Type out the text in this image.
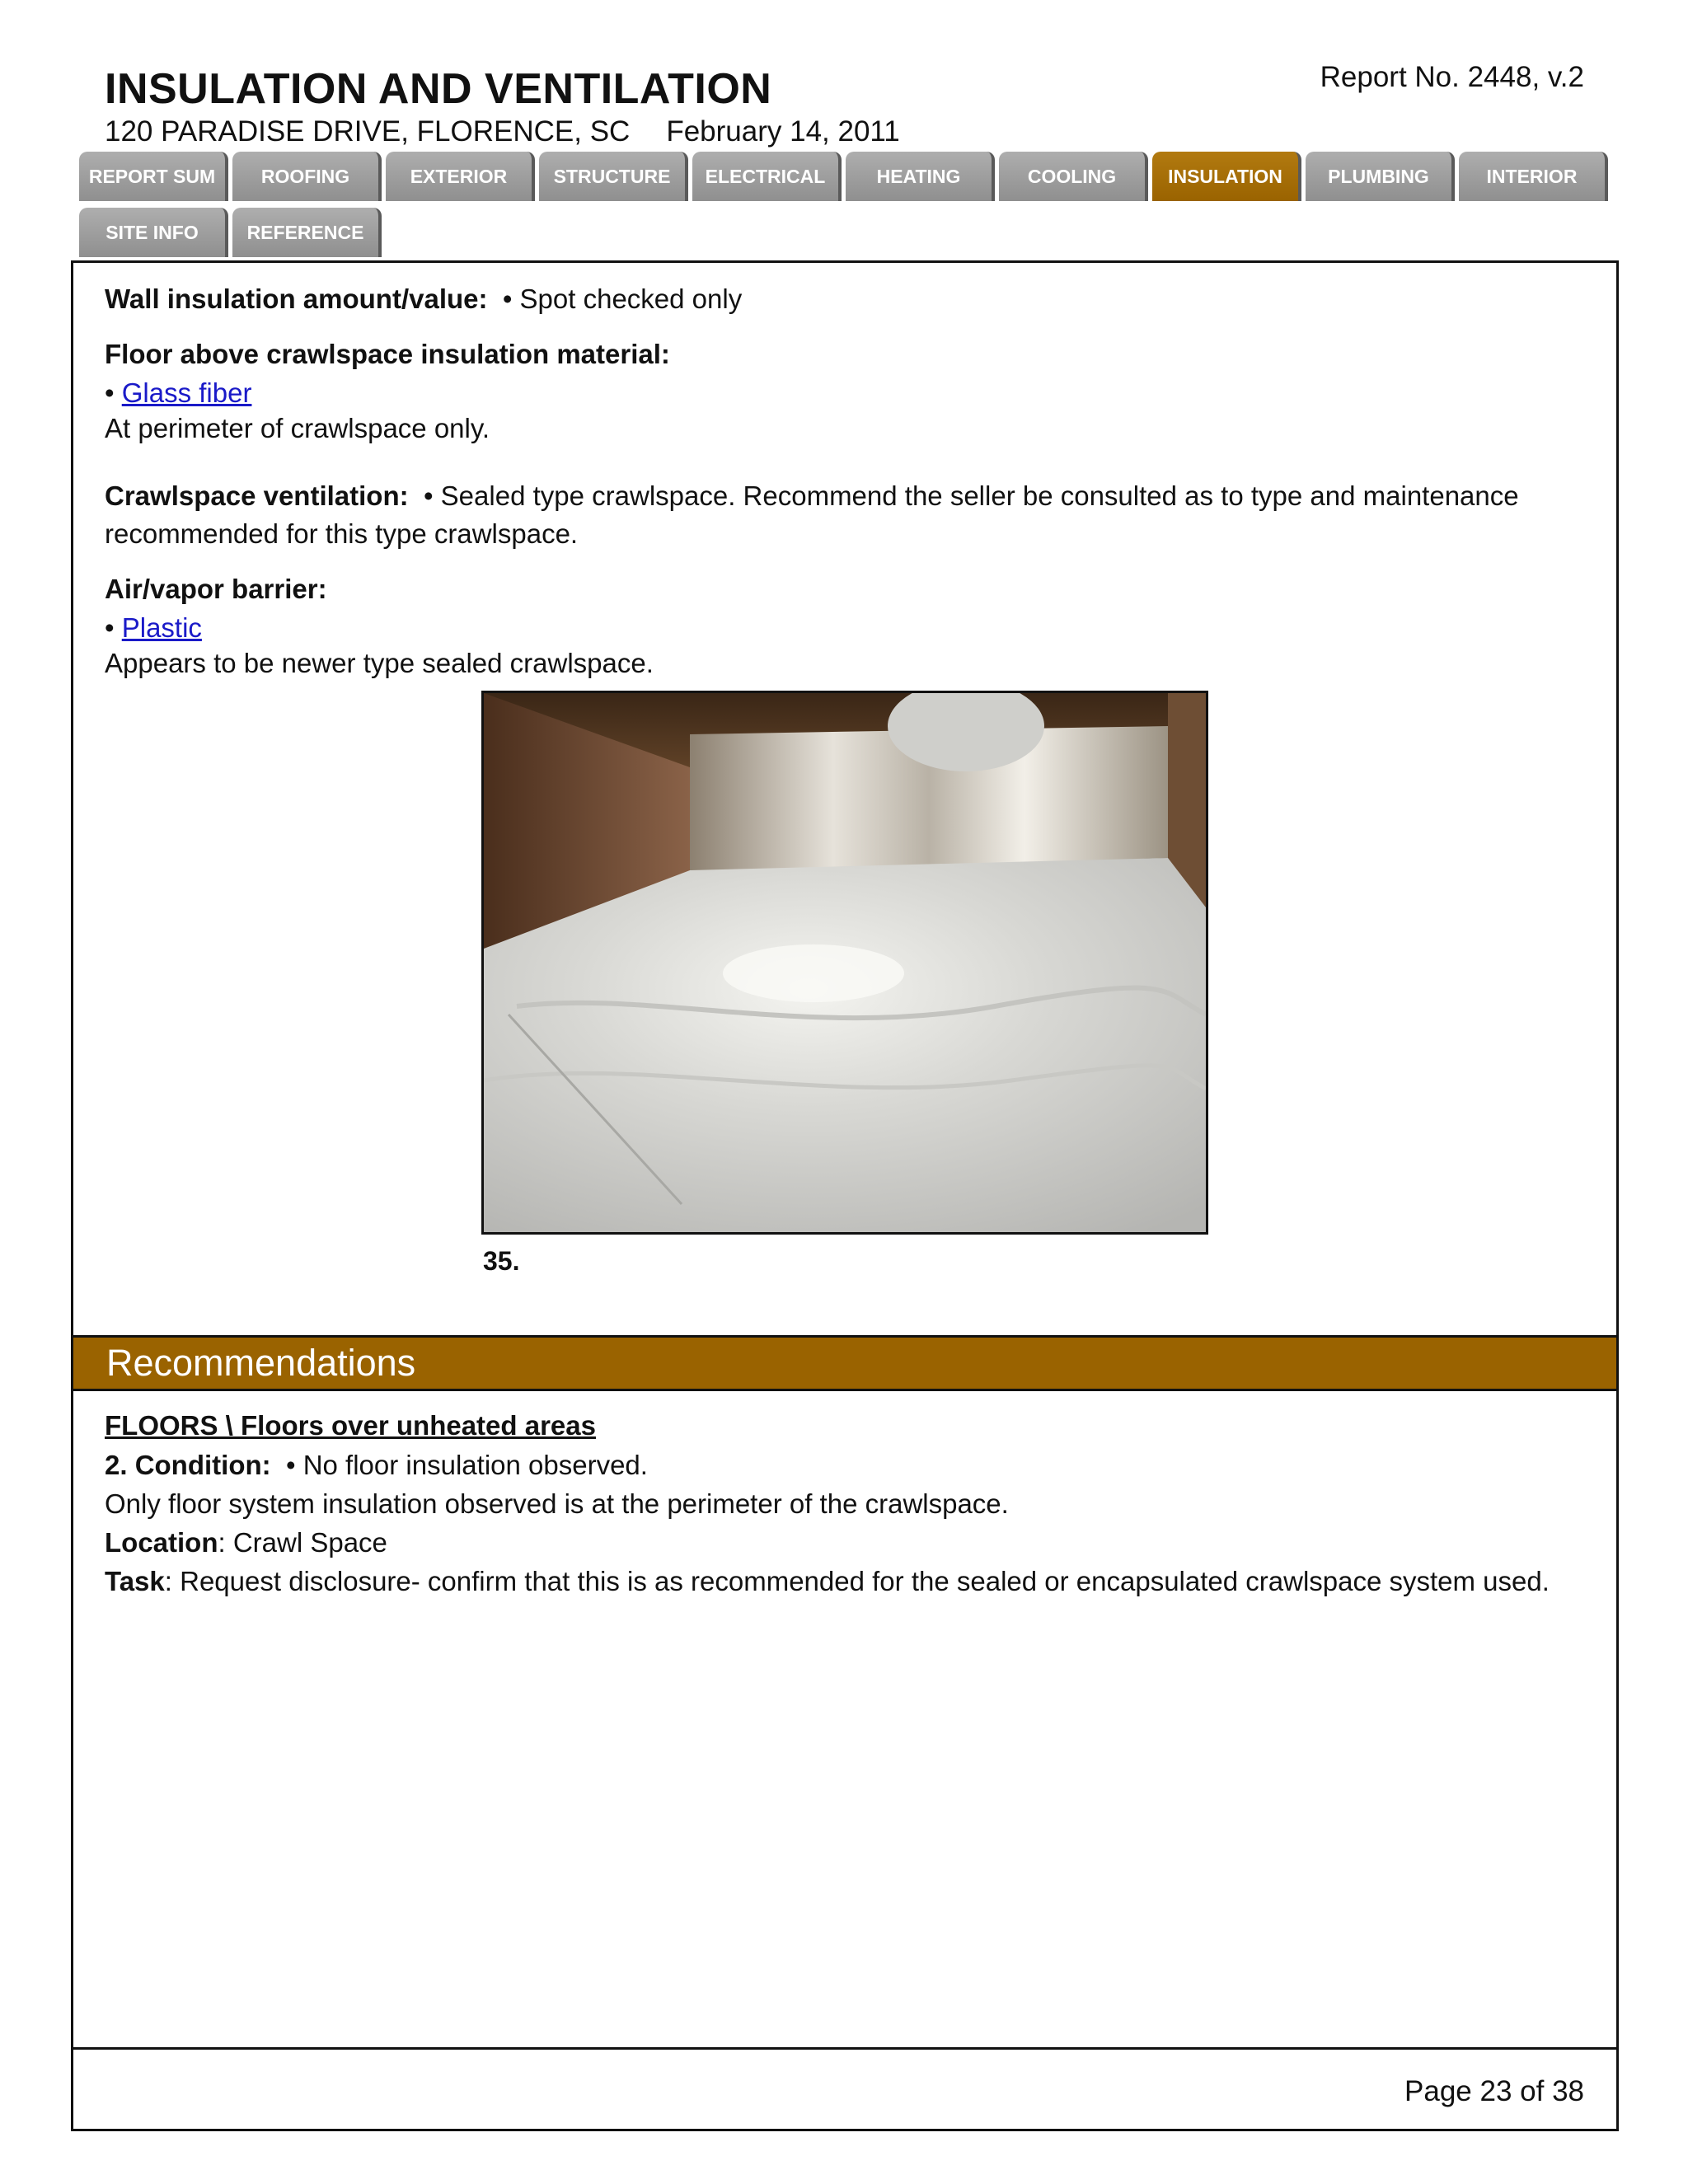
INSULATION AND VENTILATION
120 PARADISE DRIVE, FLORENCE, SC February 14, 2011
Report No. 2448, v.2
REPORT SUM	ROOFING	EXTERIOR	STRUCTURE	ELECTRICAL	HEATING	COOLING	INSULATION	PLUMBING	INTERIOR
SITE INFO	REFERENCE
Wall insulation amount/value: • Spot checked only
Floor above crawlspace insulation material:
• Glass fiber
At perimeter of crawlspace only.
Crawlspace ventilation: • Sealed type crawlspace. Recommend the seller be consulted as to type and maintenance
recommended for this type crawlspace.
Air/vapor barrier:
• Plastic
Appears to be newer type sealed crawlspace.
35.
Recommendations
FLOORS \ Floors over unheated areas
2. Condition: • No floor insulation observed.
Only floor system insulation observed is at the perimeter of the crawlspace.
Location: Crawl Space
Task: Request disclosure- confirm that this is as recommended for the sealed or encapsulated crawlspace system used.
Page 23 of 38
